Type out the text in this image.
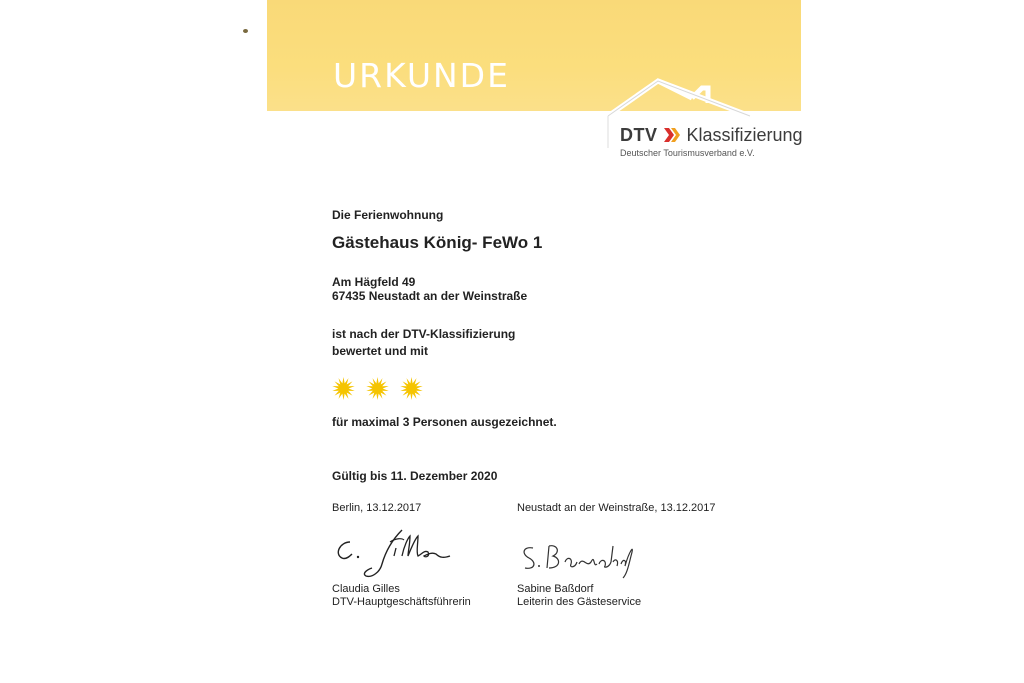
URKUNDE
DTV Klassifizierung
Deutscher Tourismusverband e.V.
Die Ferienwohnung
Gästehaus König- FeWo 1
Am Hägfeld 49
67435 Neustadt an der Weinstraße
ist nach der DTV-Klassifizierung
bewertet und mit
für maximal 3 Personen ausgezeichnet.
Gültig bis 11. Dezember 2020
Berlin, 13.12.2017	Neustadt an der Weinstraße, 13.12.2017
Claudia Gilles
DTV-Hauptgeschäftsführerin
Sabine Baßdorf
Leiterin des Gästeservice
